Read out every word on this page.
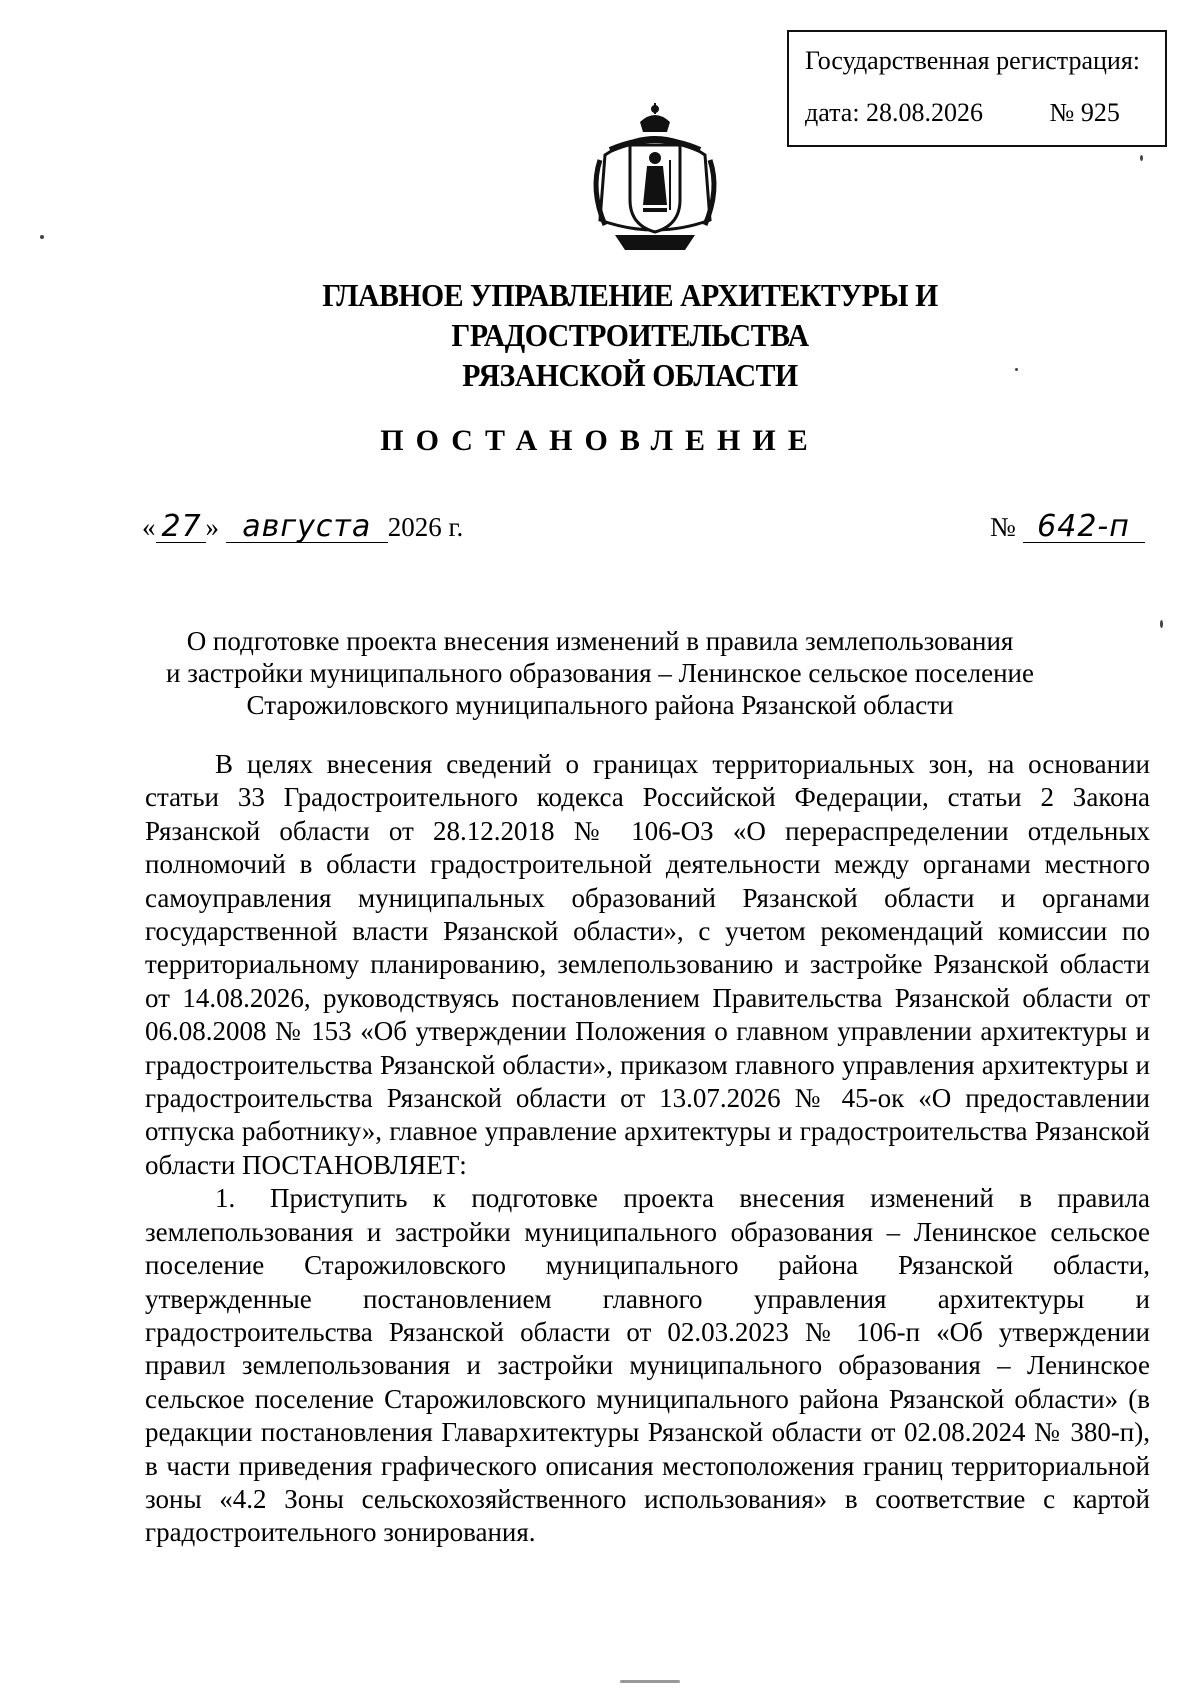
Государственная регистрация:
дата: 28.08.2026	№ 925
ГЛАВНОЕ УПРАВЛЕНИЕ АРХИТЕКТУРЫ И ГРАДОСТРОИТЕЛЬСТВА
РЯЗАНСКОЙ ОБЛАСТИ
ПОСТАНОВЛЕНИЕ
« 27 » августа 2026 г.	№ 642-п
О подготовке проекта внесения изменений в правила землепользования
и застройки муниципального образования – Ленинское сельское поселение
Старожиловского муниципального района Рязанской области

В целях внесения сведений о границах территориальных зон, на основании статьи 33 Градостроительного кодекса Российской Федерации, статьи 2 Закона Рязанской области от 28.12.2018 № 106-ОЗ «О перераспределении отдельных полномочий в области градостроительной деятельности между органами местного самоуправления муниципальных образований Рязанской области и органами государственной власти Рязанской области», с учетом рекомендаций комиссии по территориальному планированию, землепользованию и застройке Рязанской области от 14.08.2026, руководствуясь постановлением Правительства Рязанской области от 06.08.2008 № 153 «Об утверждении Положения о главном управлении архитектуры и градостроительства Рязанской области», приказом главного управления архитектуры и градостроительства Рязанской области от 13.07.2026 № 45-ок «О предоставлении отпуска работнику», главное управление архитектуры и градостроительства Рязанской области ПОСТАНОВЛЯЕТ:

1. Приступить к подготовке проекта внесения изменений в правила землепользования и застройки муниципального образования – Ленинское сельское поселение Старожиловского муниципального района Рязанской области, утвержденные постановлением главного управления архитектуры и градостроительства Рязанской области от 02.03.2023 № 106-п «Об утверждении правил землепользования и застройки муниципального образования – Ленинское сельское поселение Старожиловского муниципального района Рязанской области» (в редакции постановления Главархитектуры Рязанской области от 02.08.2024 № 380-п), в части приведения графического описания местоположения границ территориальной зоны «4.2 Зоны сельскохозяйственного использования» в соответствие с картой градостроительного зонирования.
